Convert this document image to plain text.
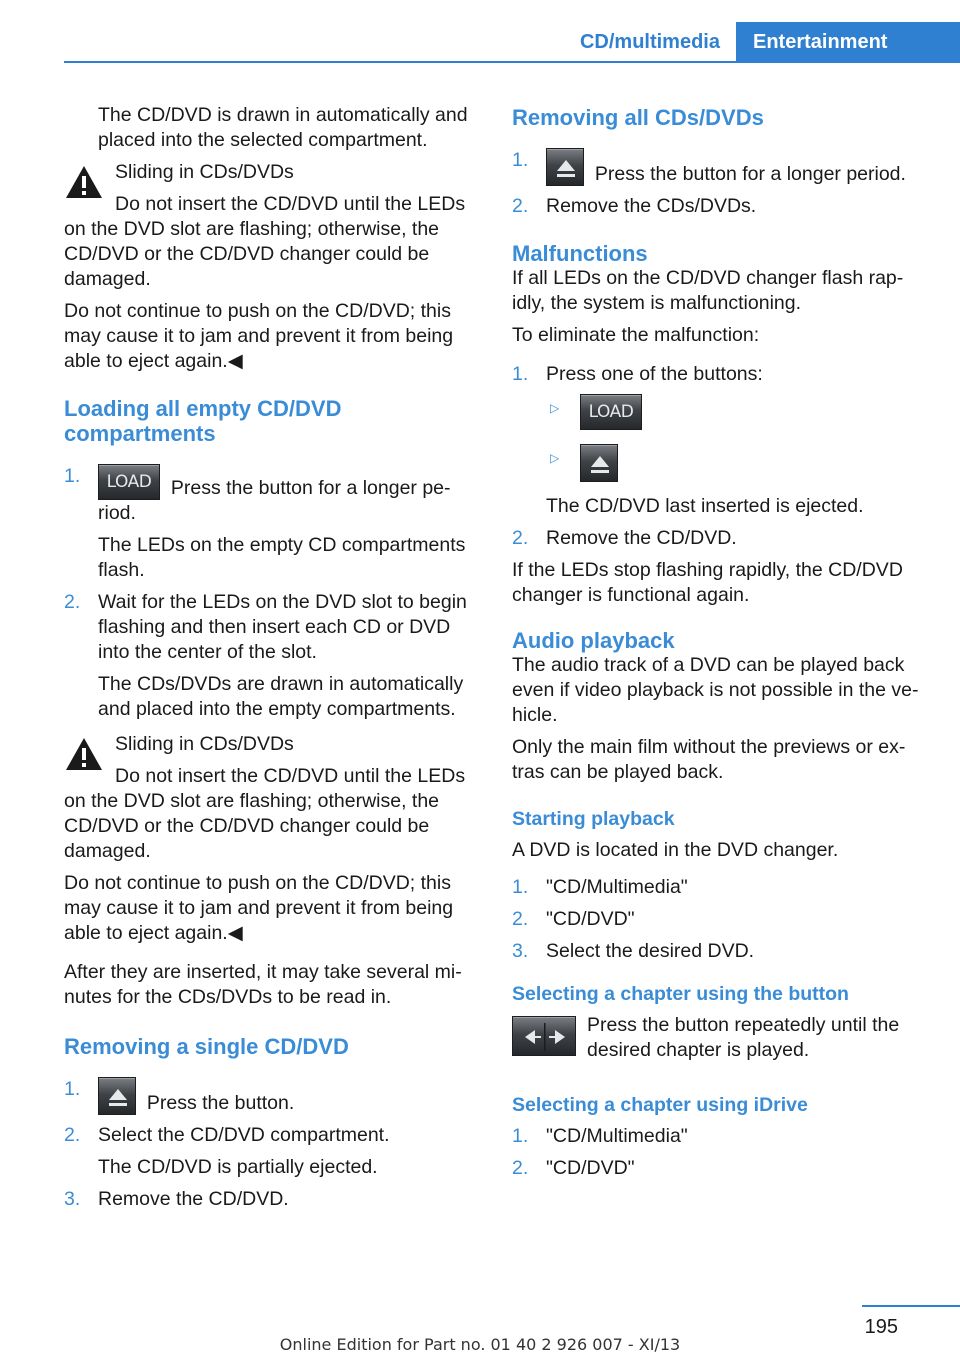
CD/multimedia	Entertainment

The CD/DVD is drawn in automatically and placed into the selected compartment.

Sliding in CDs/DVDs

Do not insert the CD/DVD until the LEDs

on the DVD slot are flashing; otherwise, the CD/DVD or the CD/DVD changer could be damaged.

Do not continue to push on the CD/DVD; this may cause it to jam and prevent it from being able to eject again.◀

Loading all empty CD/DVD compartments
1.	LOAD	Press the button for a longer pe‐riod.

The LEDs on the empty CD compartments flash.

2. Wait for the LEDs on the DVD slot to begin flashing and then insert each CD or DVD into the center of the slot.

The CDs/DVDs are drawn in automatically and placed into the empty compartments.

Sliding in CDs/DVDs

Do not insert the CD/DVD until the LEDs

on the DVD slot are flashing; otherwise, the CD/DVD or the CD/DVD changer could be damaged.

Do not continue to push on the CD/DVD; this may cause it to jam and prevent it from being able to eject again.◀

After they are inserted, it may take several mi‐nutes for the CDs/DVDs to be read in.

Removing a single CD/DVD
1.

Press the button.

2. Select the CD/DVD compartment.

The CD/DVD is partially ejected.

3. Remove the CD/DVD.

Removing all CDs/DVDs
1.

Press the button for a longer period.

2. Remove the CDs/DVDs.

Malfunctions

If all LEDs on the CD/DVD changer flash rap‐idly, the system is malfunctioning.

To eliminate the malfunction:

1. Press one of the buttons:

▷	LOAD
▷

The CD/DVD last inserted is ejected.

2. Remove the CD/DVD.

If the LEDs stop flashing rapidly, the CD/DVD changer is functional again.

Audio playback

The audio track of a DVD can be played back even if video playback is not possible in the ve‐hicle.

Only the main film without the previews or ex‐tras can be played back.

Starting playback

A DVD is located in the DVD changer.

1. "CD/Multimedia"

2. "CD/DVD"

3. Select the desired DVD.

Selecting a chapter using the button

Press the button repeatedly until the desired chapter is played.

Selecting a chapter using iDrive
1. "CD/Multimedia"

2. "CD/DVD"

195
Online Edition for Part no. 01 40 2 926 007 - XI/13
